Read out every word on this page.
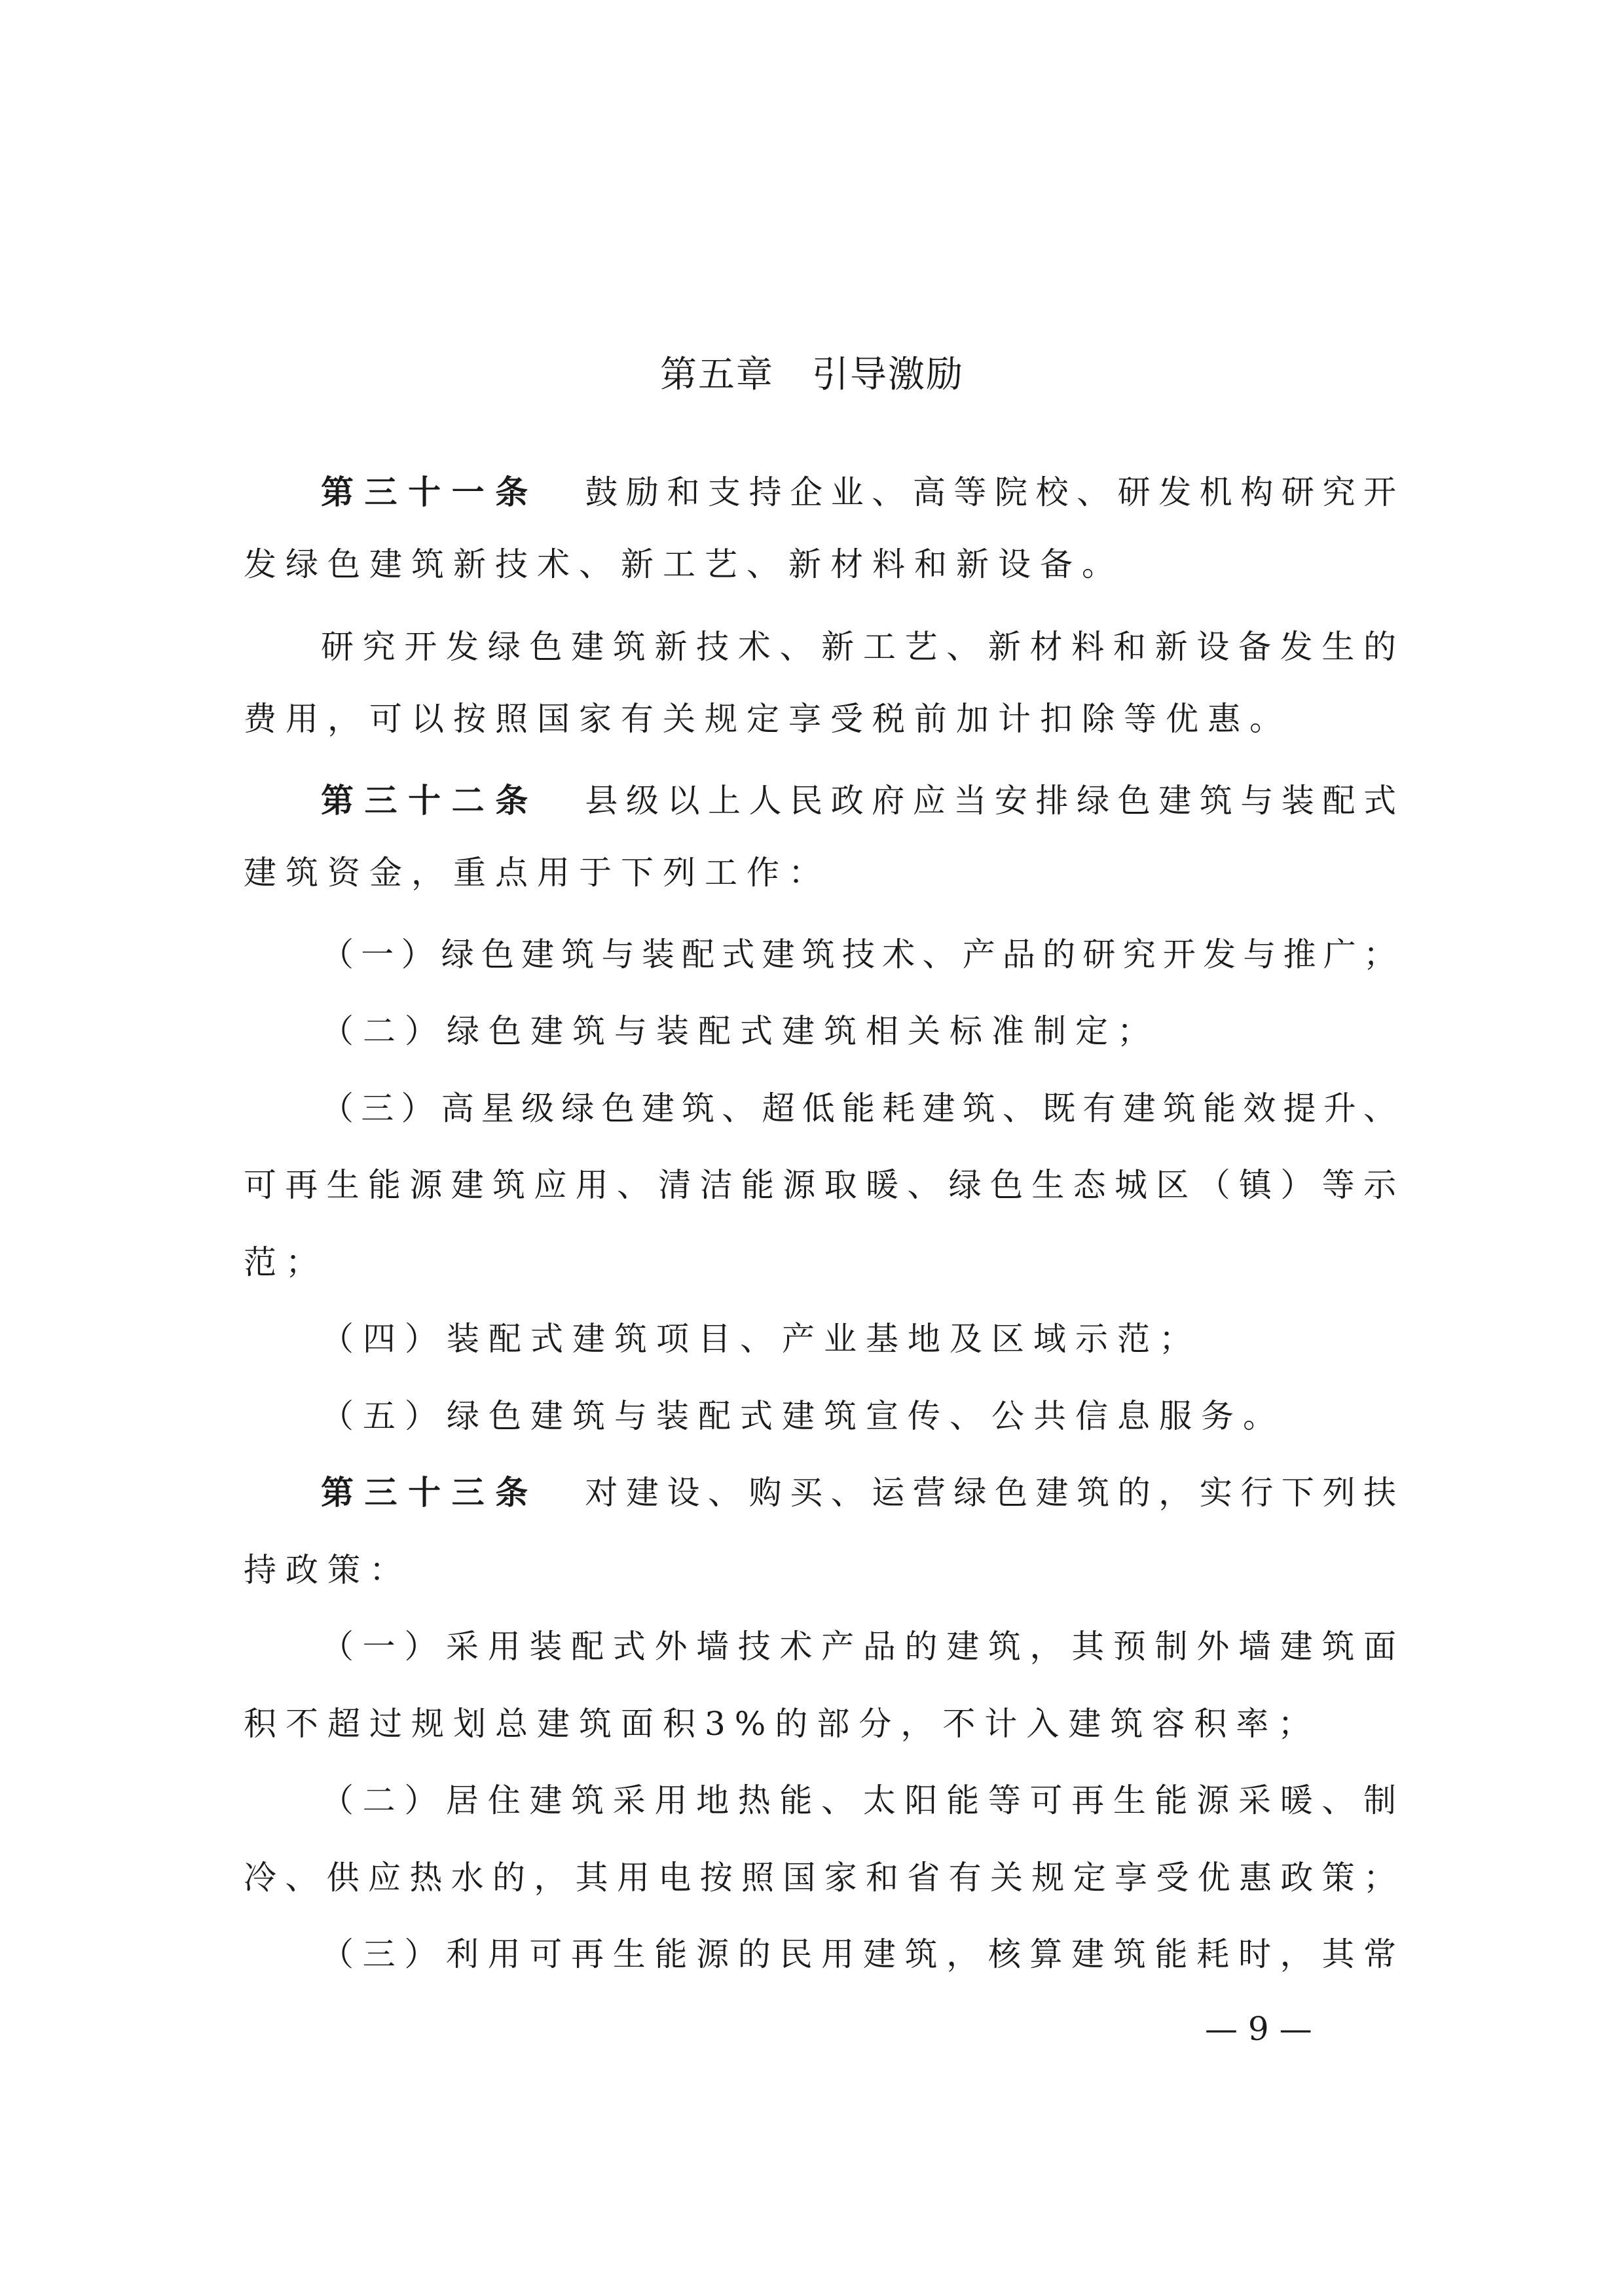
第五章　引导激励
第三十一条 鼓励和支持企业、高等院校、研发机构研究开
发绿色建筑新技术、新工艺、新材料和新设备。
研究开发绿色建筑新技术、新工艺、新材料和新设备发生的
费用，可以按照国家有关规定享受税前加计扣除等优惠。
第三十二条 县级以上人民政府应当安排绿色建筑与装配式
建筑资金，重点用于下列工作：
（一）绿色建筑与装配式建筑技术、产品的研究开发与推广；
（二）绿色建筑与装配式建筑相关标准制定；
（三）高星级绿色建筑、超低能耗建筑、既有建筑能效提升、
可再生能源建筑应用、清洁能源取暖、绿色生态城区（镇）等示
范；
（四）装配式建筑项目、产业基地及区域示范；
（五）绿色建筑与装配式建筑宣传、公共信息服务。
第三十三条 对建设、购买、运营绿色建筑的，实行下列扶
持政策：
（一）采用装配式外墙技术产品的建筑，其预制外墙建筑面
积不超过规划总建筑面积3%的部分，不计入建筑容积率；
（二）居住建筑采用地热能、太阳能等可再生能源采暖、制
冷、供应热水的，其用电按照国家和省有关规定享受优惠政策；
（三）利用可再生能源的民用建筑，核算建筑能耗时，其常
— 9 —
